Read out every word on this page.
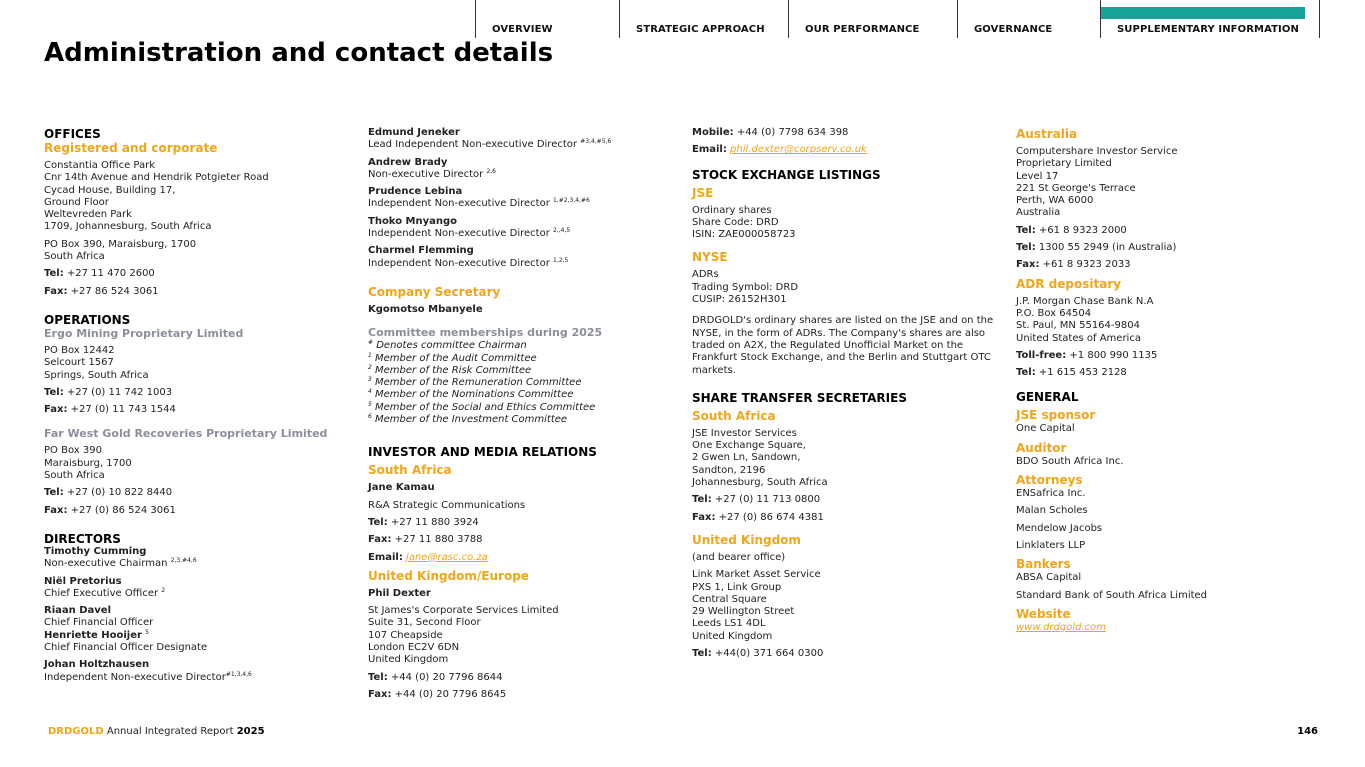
OVERVIEW	STRATEGIC APPROACH	OUR PERFORMANCE	GOVERNANCE	SUPPLEMENTARY INFORMATION
Administration and contact details
OFFICES
Registered and corporate
Constantia Office Park
Cnr 14th Avenue and Hendrik Potgieter Road
Cycad House, Building 17,
Ground Floor
Weltevreden Park
1709, Johannesburg, South Africa
PO Box 390, Maraisburg, 1700
South Africa
Tel: +27 11 470 2600
Fax: +27 86 524 3061
OPERATIONS
Ergo Mining Proprietary Limited
PO Box 12442
Selcourt 1567
Springs, South Africa
Tel: +27 (0) 11 742 1003
Fax: +27 (0) 11 743 1544
Far West Gold Recoveries Proprietary Limited
PO Box 390
Maraisburg, 1700
South Africa
Tel: +27 (0) 10 822 8440
Fax: +27 (0) 86 524 3061
DIRECTORS
Timothy Cumming
Non-executive Chairman $^{2,3,\#4,6}$
Niël Pretorius
Chief Executive Officer $^2$
Riaan Davel
Chief Financial Officer
Henriette Hooijer $^5$
Chief Financial Officer Designate
Johan Holtzhausen
Independent Non-executive Director$^{\#1,3,4,6}$
Edmund Jeneker
Lead Independent Non-executive Director $^{\#3,4,\#5,6}$
Andrew Brady
Non-executive Director $^{2,6}$
Prudence Lebina
Independent Non-executive Director $^{1,\#2,3,4,\#6}$
Thoko Mnyango
Independent Non-executive Director $^{2,,4,5}$
Charmel Flemming
Independent Non-executive Director $^{1,2,5}$
Company Secretary
Kgomotso Mbanyele
Committee memberships during 2025
# Denotes committee Chairman
$^1$ Member of the Audit Committee
$^2$ Member of the Risk Committee
$^3$ Member of the Remuneration Committee
$^4$ Member of the Nominations Committee
$^5$ Member of the Social and Ethics Committee
$^6$ Member of the Investment Committee
INVESTOR AND MEDIA RELATIONS
South Africa
Jane Kamau
R&A Strategic Communications
Tel: +27 11 880 3924
Fax: +27 11 880 3788
Email: jane@rasc.co.za
United Kingdom/Europe
Phil Dexter
St James's Corporate Services Limited
Suite 31, Second Floor
107 Cheapside
London EC2V 6DN
United Kingdom
Tel: +44 (0) 20 7796 8644
Fax: +44 (0) 20 7796 8645
Mobile: +44 (0) 7798 634 398
Email: phil.dexter@corpserv.co.uk
STOCK EXCHANGE LISTINGS
JSE
Ordinary shares
Share Code: DRD
ISIN: ZAE000058723
NYSE
ADRs
Trading Symbol: DRD
CUSIP: 26152H301
DRDGOLD's ordinary shares are listed on the JSE and on the NYSE, in the form of ADRs. The Company's shares are also traded on A2X, the Regulated Unofficial Market on the Frankfurt Stock Exchange, and the Berlin and Stuttgart OTC markets.
SHARE TRANSFER SECRETARIES
South Africa
JSE Investor Services
One Exchange Square,
2 Gwen Ln, Sandown,
Sandton, 2196
Johannesburg, South Africa
Tel: +27 (0) 11 713 0800
Fax: +27 (0) 86 674 4381
United Kingdom
(and bearer office)
Link Market Asset Service
PXS 1, Link Group
Central Square
29 Wellington Street
Leeds LS1 4DL
United Kingdom
Tel: +44(0) 371 664 0300
Australia
Computershare Investor Service
Proprietary Limited
Level 17
221 St George's Terrace
Perth, WA 6000
Australia
Tel: +61 8 9323 2000
Tel: 1300 55 2949 (in Australia)
Fax: +61 8 9323 2033
ADR depositary
J.P. Morgan Chase Bank N.A
P.O. Box 64504
St. Paul, MN 55164-9804
United States of America
Toll-free: +1 800 990 1135
Tel: +1 615 453 2128
GENERAL
JSE sponsor
One Capital
Auditor
BDO South Africa Inc.
Attorneys
ENSafrica Inc.
Malan Scholes
Mendelow Jacobs
Linklaters LLP
Bankers
ABSA Capital
Standard Bank of South Africa Limited
Website
www.drdgold.com
DRDGOLD Annual Integrated Report 2025	146
